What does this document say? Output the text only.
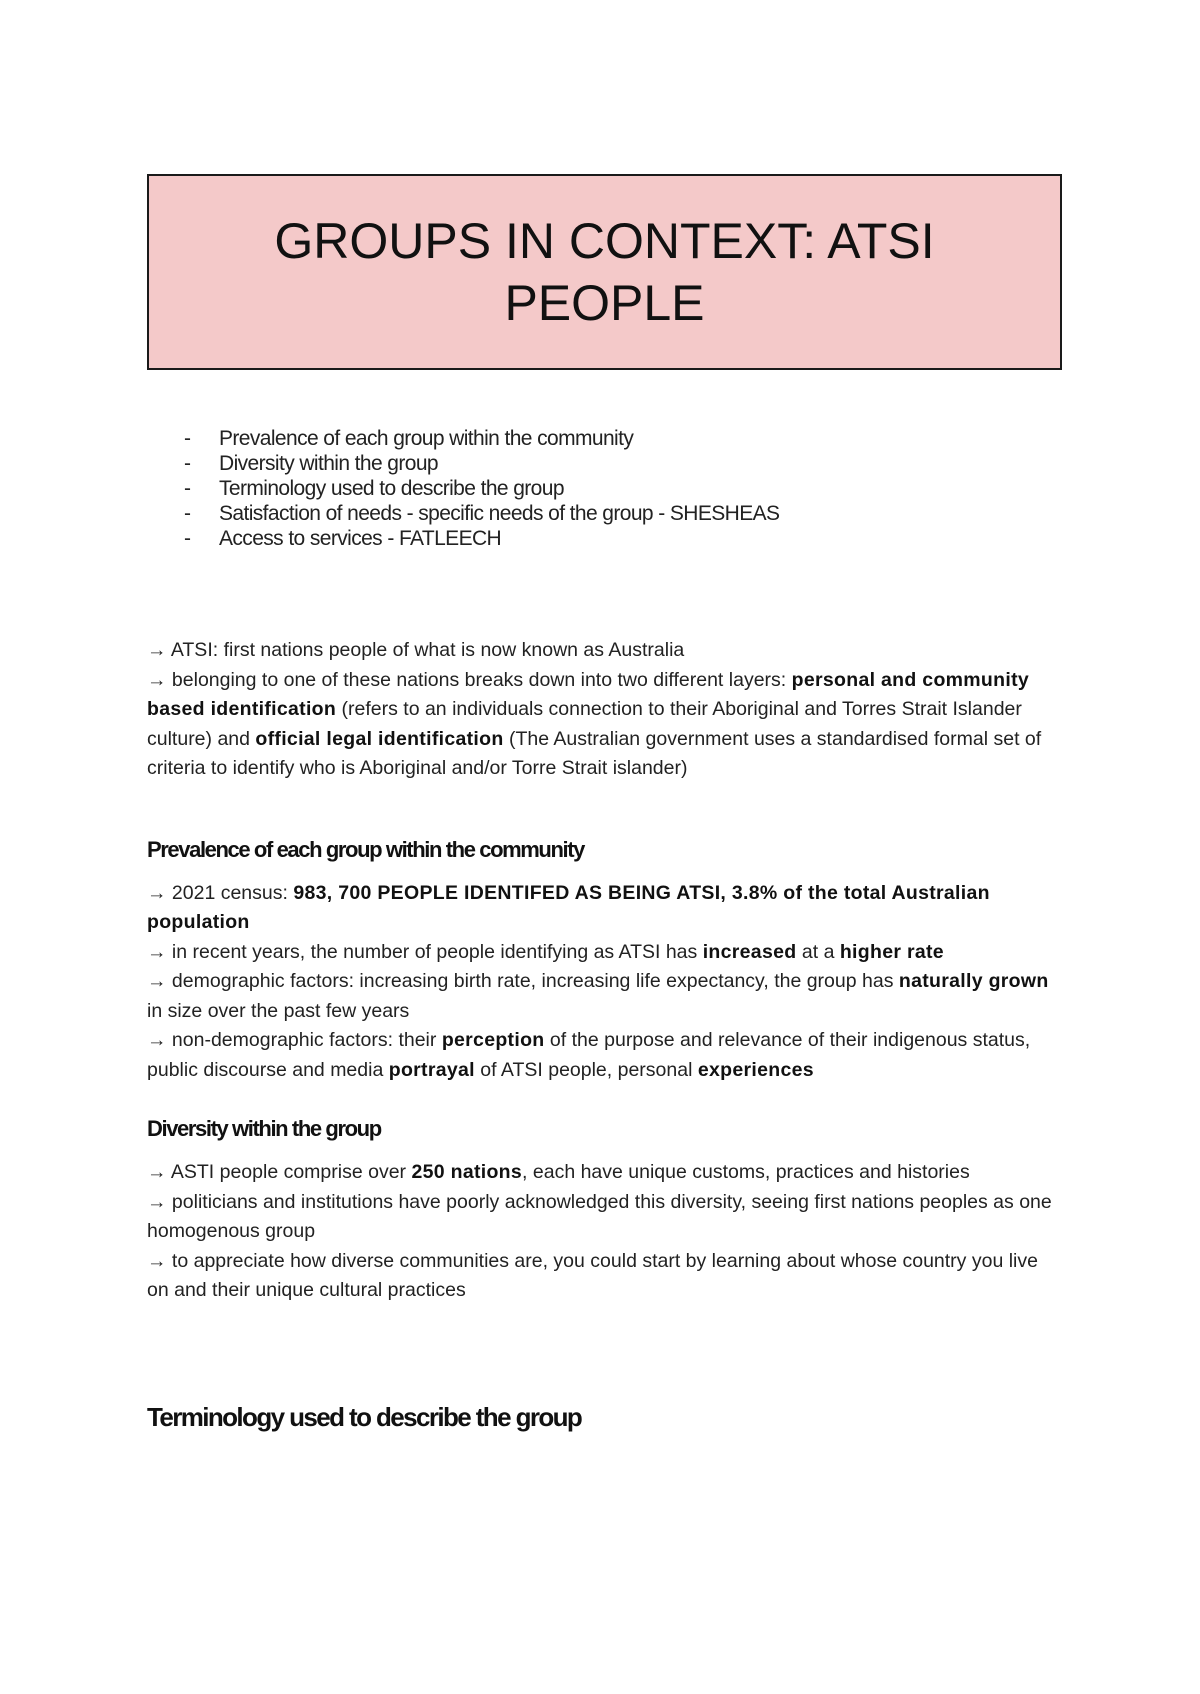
GROUPS IN CONTEXT: ATSI PEOPLE
- Prevalence of each group within the community
- Diversity within the group
- Terminology used to describe the group
- Satisfaction of needs - specific needs of the group - SHESHEAS
- Access to services - FATLEECH

→ ATSI: first nations people of what is now known as Australia

→ belonging to one of these nations breaks down into two different layers: personal and community based identification (refers to an individuals connection to their Aboriginal and Torres Strait Islander culture) and official legal identification (The Australian government uses a standardised formal set of criteria to identify who is Aboriginal and/or Torre Strait islander)

Prevalence of each group within the community

→ 2021 census: 983, 700 PEOPLE IDENTIFED AS BEING ATSI, 3.8% of the total Australian population

→ in recent years, the number of people identifying as ATSI has increased at a higher rate

→ demographic factors: increasing birth rate, increasing life expectancy, the group has naturally grown in size over the past few years

→ non-demographic factors: their perception of the purpose and relevance of their indigenous status, public discourse and media portrayal of ATSI people, personal experiences

Diversity within the group

→ ASTI people comprise over 250 nations, each have unique customs, practices and histories

→ politicians and institutions have poorly acknowledged this diversity, seeing first nations peoples as one homogenous group

→ to appreciate how diverse communities are, you could start by learning about whose country you live on and their unique cultural practices

Terminology used to describe the group
